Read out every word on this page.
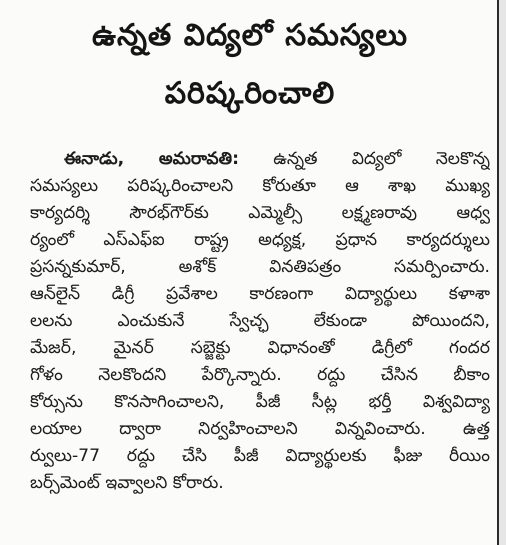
ఉన్నత విద్యలో సమస్యలు
పరిష్కరించాలి
ఈనాడు, అమరావతి: ఉన్నత విద్యలో నెలకొన్న
సమస్యలు పరిష్కరించాలని కోరుతూ ఆ శాఖ ముఖ్య
కార్యదర్శి సౌరభ్‌గౌర్‌కు ఎమ్మెల్సీ లక్ష్మణరావు ఆధ్వ
ర్యంలో ఎస్‌ఎఫ్‌ఐ రాష్ట్ర అధ్యక్ష, ప్రధాన కార్యదర్శులు
ప్రసన్నకుమార్, అశోక్ వినతిపత్రం సమర్పించారు.
ఆన్‌లైన్ డిగ్రీ ప్రవేశాల కారణంగా విద్యార్థులు కళాశా
లలను ఎంచుకునే స్వేచ్ఛ లేకుండా పోయిందని,
మేజర్, మైనర్ సబ్జెక్టు విధానంతో డిగ్రీలో గందర
గోళం నెలకొందని పేర్కొన్నారు. రద్దు చేసిన బీకాం
కోర్సును కొనసాగించాలని, పీజీ సీట్ల భర్తీ విశ్వవిద్యా
లయాల ద్వారా నిర్వహించాలని విన్నవించారు. ఉత్త
ర్వులు-77 రద్దు చేసి పీజీ విద్యార్థులకు ఫీజు రీయిం
బర్స్‌మెంట్ ఇవ్వాలని కోరారు.
